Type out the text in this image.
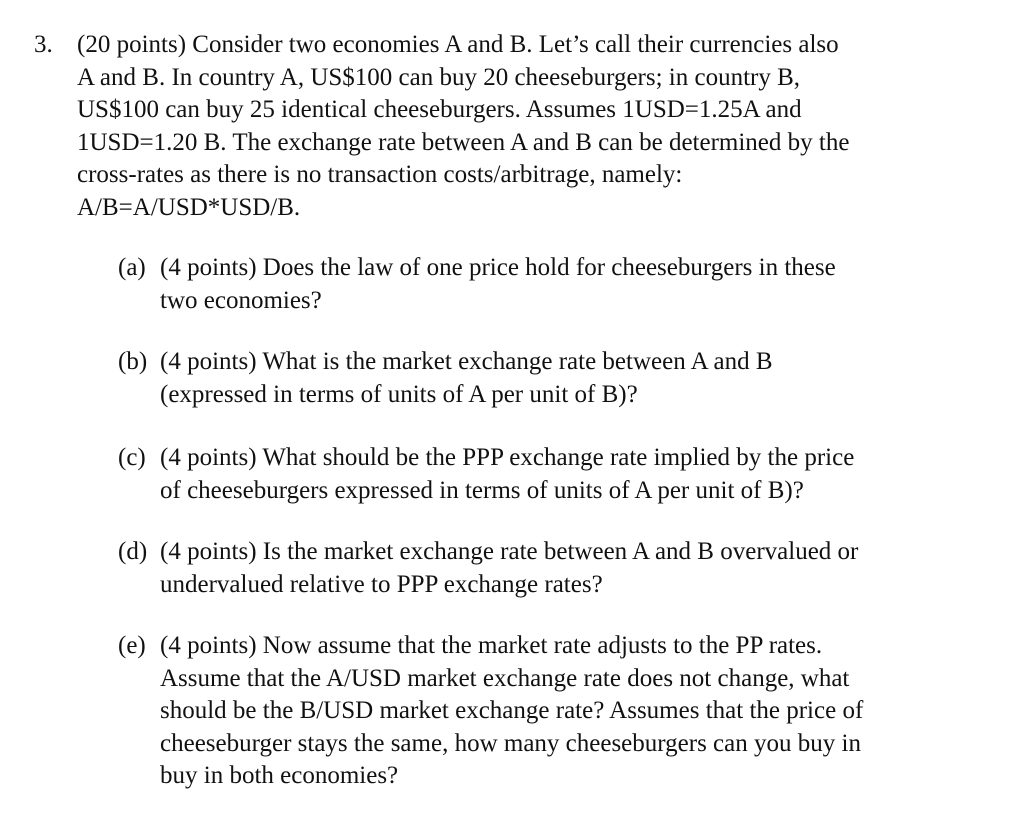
3. (20 points) Consider two economies A and B. Let’s call their currencies also
A and B. In country A, US$100 can buy 20 cheeseburgers; in country B,
US$100 can buy 25 identical cheeseburgers. Assumes 1USD=1.25A and
1USD=1.20 B. The exchange rate between A and B can be determined by the
cross-rates as there is no transaction costs/arbitrage, namely:
A/B=A/USD*USD/B.
(a) (4 points) Does the law of one price hold for cheeseburgers in these
two economies?
(b) (4 points) What is the market exchange rate between A and B
(expressed in terms of units of A per unit of B)?
(c) (4 points) What should be the PPP exchange rate implied by the price
of cheeseburgers expressed in terms of units of A per unit of B)?
(d) (4 points) Is the market exchange rate between A and B overvalued or
undervalued relative to PPP exchange rates?
(e) (4 points) Now assume that the market rate adjusts to the PP rates.
Assume that the A/USD market exchange rate does not change, what
should be the B/USD market exchange rate? Assumes that the price of
cheeseburger stays the same, how many cheeseburgers can you buy in
buy in both economies?
